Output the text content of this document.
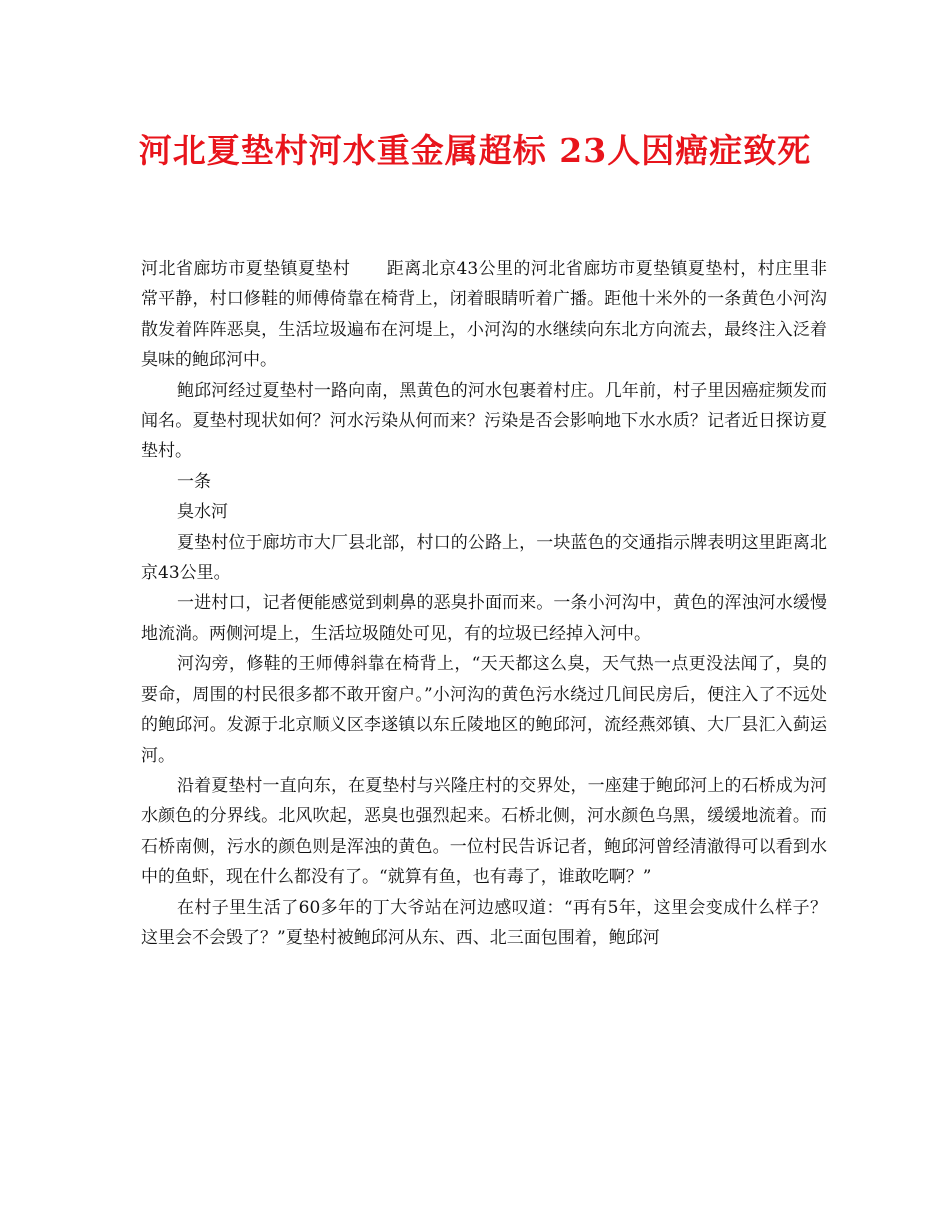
河北夏垫村河水重金属超标 23人因癌症致死

河北省廊坊市夏垫镇夏垫村 距离北京43公里的河北省廊坊市夏垫镇夏垫村，村庄里非常平静，村口修鞋的师傅倚靠在椅背上，闭着眼睛听着广播。距他十米外的一条黄色小河沟散发着阵阵恶臭，生活垃圾遍布在河堤上，小河沟的水继续向东北方向流去，最终注入泛着臭味的鲍邱河中。

鲍邱河经过夏垫村一路向南，黑黄色的河水包裹着村庄。几年前，村子里因癌症频发而闻名。夏垫村现状如何？河水污染从何而来？污染是否会影响地下水水质？记者近日探访夏垫村。

一条

臭水河

夏垫村位于廊坊市大厂县北部，村口的公路上，一块蓝色的交通指示牌表明这里距离北京43公里。

一进村口，记者便能感觉到刺鼻的恶臭扑面而来。一条小河沟中，黄色的浑浊河水缓慢地流淌。两侧河堤上，生活垃圾随处可见，有的垃圾已经掉入河中。

河沟旁，修鞋的王师傅斜靠在椅背上，“天天都这么臭，天气热一点更没法闻了，臭的要命，周围的村民很多都不敢开窗户。”小河沟的黄色污水绕过几间民房后，便注入了不远处的鲍邱河。发源于北京顺义区李遂镇以东丘陵地区的鲍邱河，流经燕郊镇、大厂县汇入蓟运河。

沿着夏垫村一直向东，在夏垫村与兴隆庄村的交界处，一座建于鲍邱河上的石桥成为河水颜色的分界线。北风吹起，恶臭也强烈起来。石桥北侧，河水颜色乌黑，缓缓地流着。而石桥南侧，污水的颜色则是浑浊的黄色。一位村民告诉记者，鲍邱河曾经清澈得可以看到水中的鱼虾，现在什么都没有了。“就算有鱼，也有毒了，谁敢吃啊？”

在村子里生活了60多年的丁大爷站在河边感叹道：“再有5年，这里会变成什么样子？这里会不会毁了？”夏垫村被鲍邱河从东、西、北三面包围着，鲍邱河
